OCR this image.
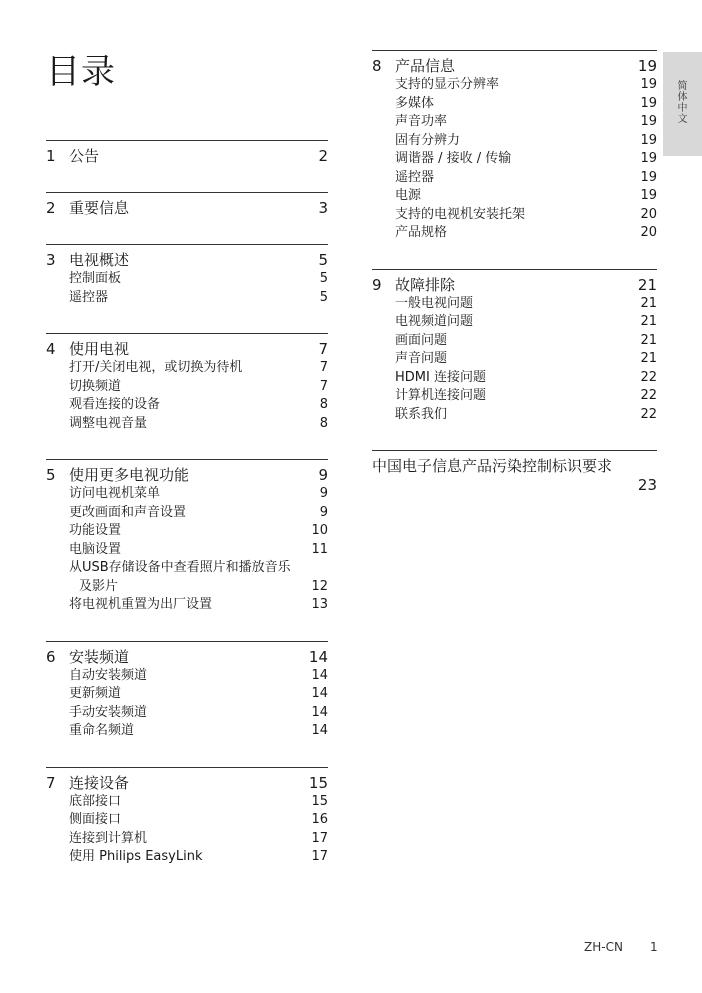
目录
1 公告	2
2 重要信息	3
3 电视概述	5
控制面板	5
遥控器	5
4 使用电视	7
打开/关闭电视，或切换为待机	7
切换频道	7
观看连接的设备	8
调整电视音量	8
5 使用更多电视功能	9
访问电视机菜单	9
更改画面和声音设置	9
功能设置	10
电脑设置	11
从USB存储设备中查看照片和播放音乐
及影片	12
将电视机重置为出厂设置	13
6 安装频道	14
自动安装频道	14
更新频道	14
手动安装频道	14
重命名频道	14
7 连接设备	15
底部接口	15
侧面接口	16
连接到计算机	17
使用 Philips EasyLink	17
8 产品信息	19
支持的显示分辨率	19
多媒体	19
声音功率	19
固有分辨力	19
调谐器 / 接收 / 传输	19
遥控器	19
电源	19
支持的电视机安装托架	20
产品规格	20
9 故障排除	21
一般电视问题	21
电视频道问题	21
画面问题	21
声音问题	21
HDMI 连接问题	22
计算机连接问题	22
联系我们	22
中国电子信息产品污染控制标识要求
23
简体中文
ZH-CN 1
